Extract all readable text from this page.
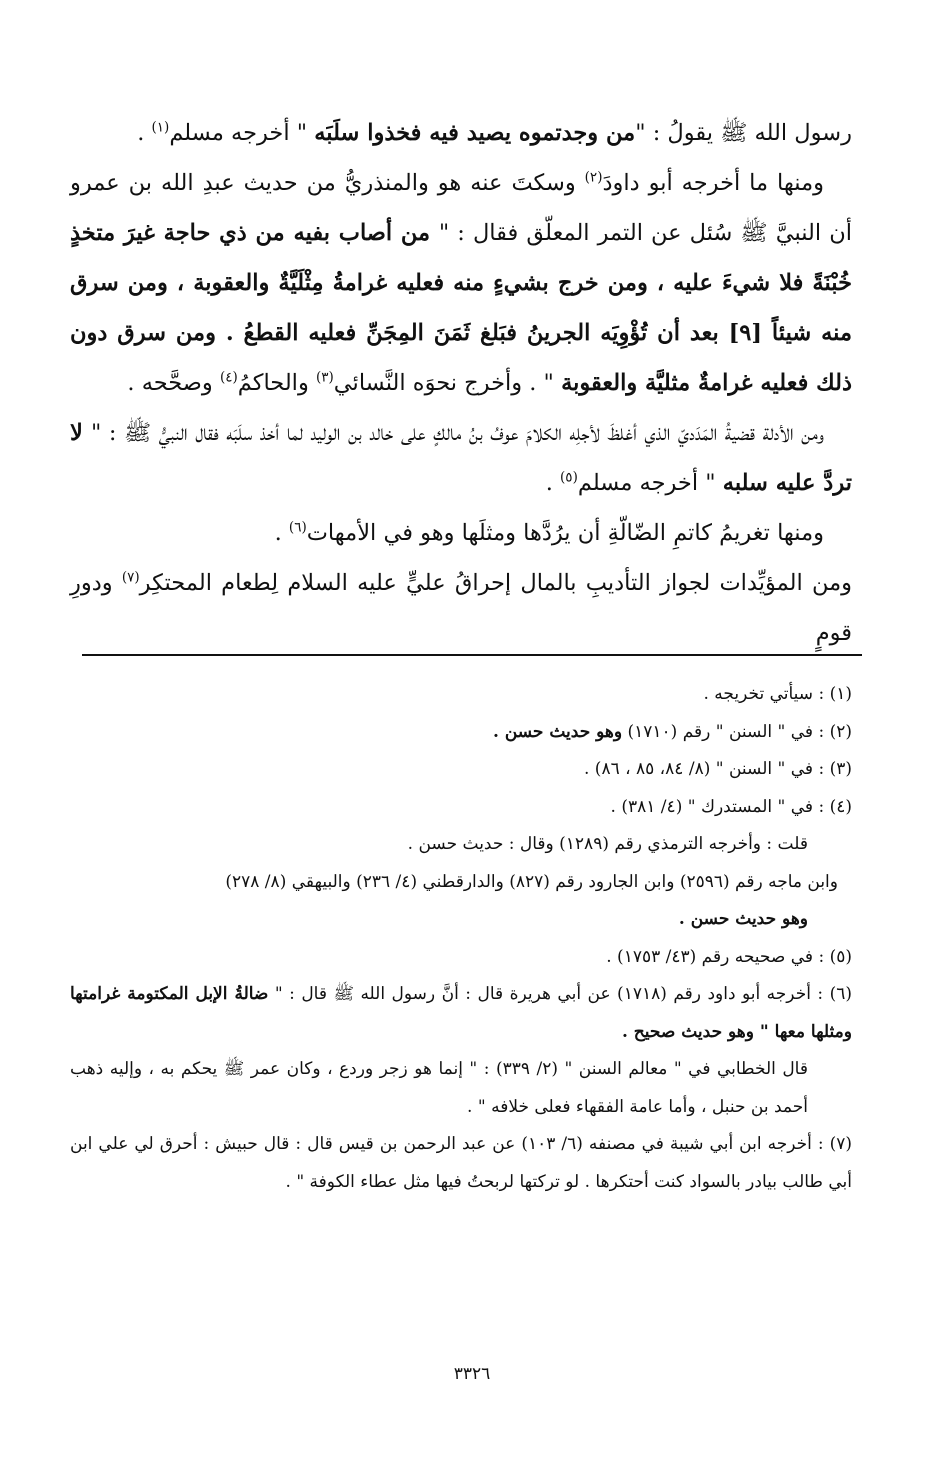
رسول الله ﷺ يقولُ : "من وجدتموه يصيد فيه فخذوا سلَبَه " أخرجه مسلم$^{(١)}$ .

ومنها ما أخرجه أبو داودَ$^{(٢)}$ وسكتَ عنه هو والمنذريُّ من حديث عبدِ الله بن عمرو أن النبيَّ ﷺ سُئل عن التمر المعلّق فقال : " من أصاب بفيه من ذي حاجة غيرَ متخذٍ خُبْنَةً فلا شيءَ عليه ، ومن خرج بشيءٍ منه فعليه غرامةُ مِثْلَيَّةٌ والعقوبة ، ومن سرق منه شيئاً [٩] بعد أن تُؤْوِيَه الجرينُ فبَلغ ثَمَنَ المِجَنِّ فعليه القطعُ . ومن سرق دون ذلك فعليه غرامةٌ مثليَّة والعقوبة " . وأخرج نحوَه النَّسائي$^{(٣)}$ والحاكمُ$^{(٤)}$ وصحَّحه .

ومن الأدلة قضيةُ المَدَديّ الذي أغلظَ لأجلِه الكلامَ عوفُ بنُ مالكٍ على خالد بن الوليد لما أخذ سلَبَه فقال النبيُّ ﷺ : " لا تردَّ عليه سلبه " أخرجه مسلم$^{(٥)}$ .

ومنها تغريمُ كاتمِ الضّالّةِ أن يرُدَّها ومثلَها وهو في الأمهات$^{(٦)}$ .

ومن المؤيِّدات لجواز التأديبِ بالمال إحراقُ عليٍّ عليه السلام لِطعام المحتكِر$^{(٧)}$ ودورِ قومٍ

(١) : سيأتي تخريجه .

(٢) : في " السنن " رقم (١٧١٠) وهو حديث حسن .

(٣) : في " السنن " (٨/ ٨٤، ٨٥ ، ٨٦) .

(٤) : في " المستدرك " (٤/ ٣٨١) .

قلت : وأخرجه الترمذي رقم (١٢٨٩) وقال : حديث حسن .

وابن ماجه رقم (٢٥٩٦) وابن الجارود رقم (٨٢٧) والدارقطني (٤/ ٢٣٦) والبيهقي (٨/ ٢٧٨)

وهو حديث حسن .

(٥) : في صحيحه رقم (٤٣/ ١٧٥٣) .

(٦) : أخرجه أبو داود رقم (١٧١٨) عن أبي هريرة قال : أنَّ رسول الله ﷺ قال : " ضالةُ الإبل المكتومة غرامتها ومثلها معها " وهو حديث صحيح .

قال الخطابي في " معالم السنن " (٢/ ٣٣٩) : " إنما هو زجر وردع ، وكان عمر ﷺ يحكم به ، وإليه ذهب أحمد بن حنبل ، وأما عامة الفقهاء فعلى خلافه " .

(٧) : أخرجه ابن أبي شيبة في مصنفه (٦/ ١٠٣) عن عبد الرحمن بن قيس قال : قال حبيش : أحرق لي علي ابن أبي طالب بيادر بالسواد كنت أحتكرها . لو تركتها لربحتُ فيها مثل عطاء الكوفة " .

٣٣٢٦
